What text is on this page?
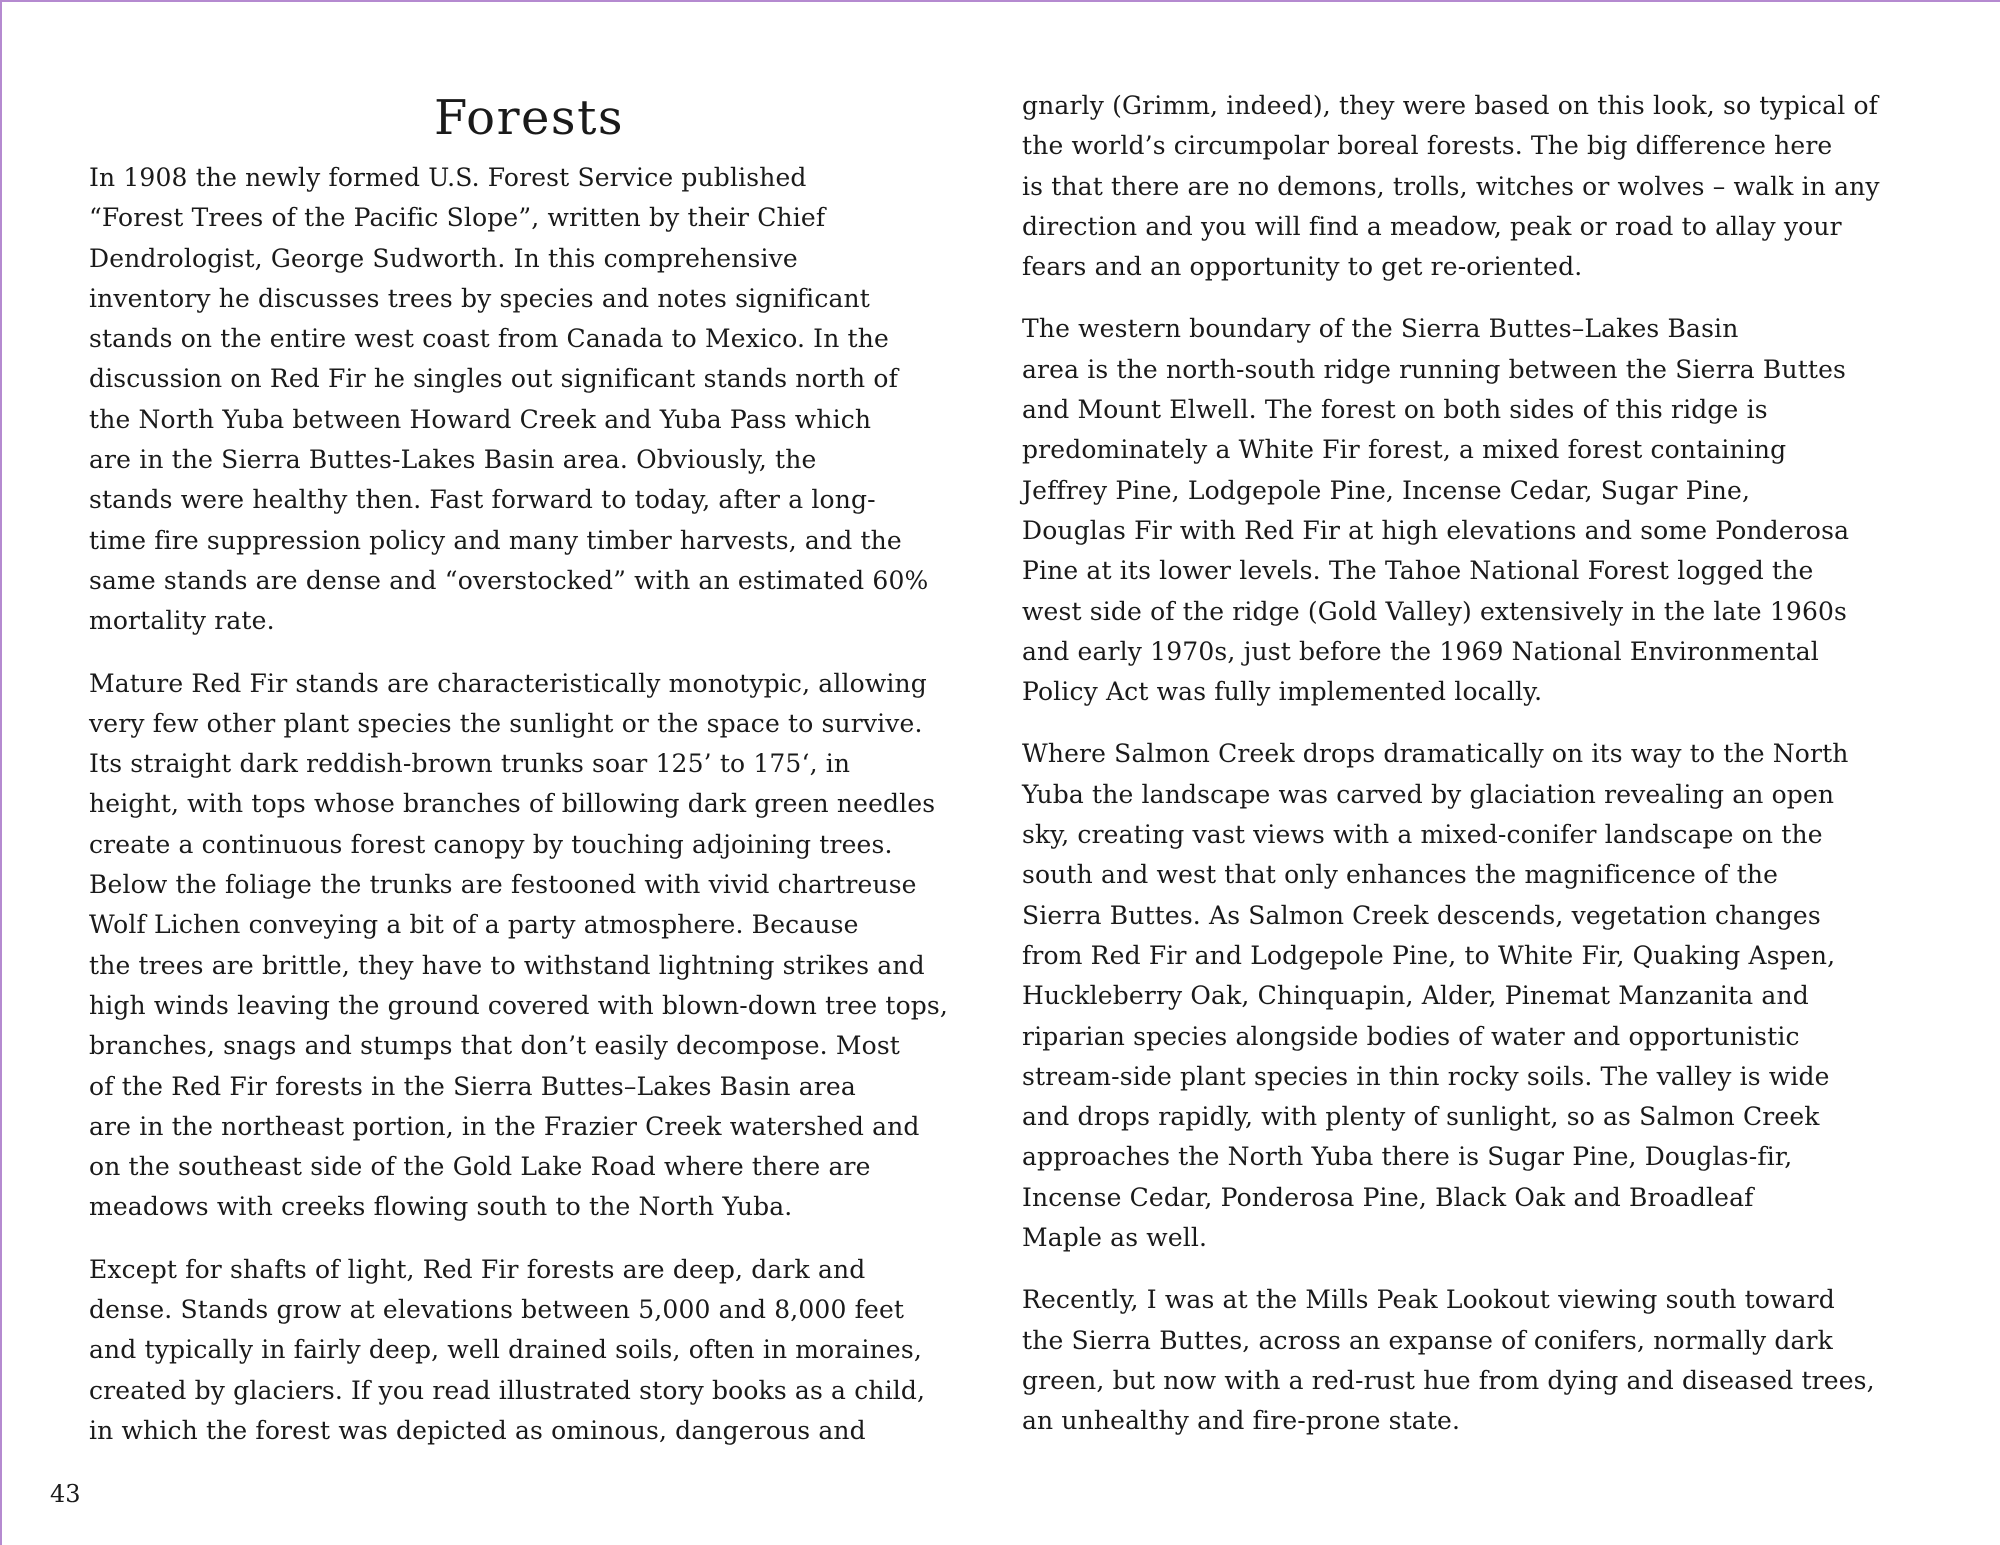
Forests

In 1908 the newly formed U.S. Forest Service published
“Forest Trees of the Pacific Slope”, written by their Chief
Dendrologist, George Sudworth. In this comprehensive
inventory he discusses trees by species and notes significant
stands on the entire west coast from Canada to Mexico. In the
discussion on Red Fir he singles out significant stands north of
the North Yuba between Howard Creek and Yuba Pass which
are in the Sierra Buttes-Lakes Basin area. Obviously, the
stands were healthy then. Fast forward to today, after a long-
time fire suppression policy and many timber harvests, and the
same stands are dense and “overstocked” with an estimated 60%
mortality rate.

Mature Red Fir stands are characteristically monotypic, allowing
very few other plant species the sunlight or the space to survive.
Its straight dark reddish-brown trunks soar 125’ to 175‘, in
height, with tops whose branches of billowing dark green needles
create a continuous forest canopy by touching adjoining trees.
Below the foliage the trunks are festooned with vivid chartreuse
Wolf Lichen conveying a bit of a party atmosphere. Because
the trees are brittle, they have to withstand lightning strikes and
high winds leaving the ground covered with blown-down tree tops,
branches, snags and stumps that don’t easily decompose. Most
of the Red Fir forests in the Sierra Buttes–Lakes Basin area
are in the northeast portion, in the Frazier Creek watershed and
on the southeast side of the Gold Lake Road where there are
meadows with creeks flowing south to the North Yuba.

Except for shafts of light, Red Fir forests are deep, dark and
dense. Stands grow at elevations between 5,000 and 8,000 feet
and typically in fairly deep, well drained soils, often in moraines,
created by glaciers. If you read illustrated story books as a child,
in which the forest was depicted as ominous, dangerous and

gnarly (Grimm, indeed), they were based on this look, so typical of
the world’s circumpolar boreal forests. The big difference here
is that there are no demons, trolls, witches or wolves – walk in any
direction and you will find a meadow, peak or road to allay your
fears and an opportunity to get re-oriented.

The western boundary of the Sierra Buttes–Lakes Basin
area is the north-south ridge running between the Sierra Buttes
and Mount Elwell. The forest on both sides of this ridge is
predominately a White Fir forest, a mixed forest containing
Jeffrey Pine, Lodgepole Pine, Incense Cedar, Sugar Pine,
Douglas Fir with Red Fir at high elevations and some Ponderosa
Pine at its lower levels. The Tahoe National Forest logged the
west side of the ridge (Gold Valley) extensively in the late 1960s
and early 1970s, just before the 1969 National Environmental
Policy Act was fully implemented locally.

Where Salmon Creek drops dramatically on its way to the North
Yuba the landscape was carved by glaciation revealing an open
sky, creating vast views with a mixed-conifer landscape on the
south and west that only enhances the magnificence of the
Sierra Buttes. As Salmon Creek descends, vegetation changes
from Red Fir and Lodgepole Pine, to White Fir, Quaking Aspen,
Huckleberry Oak, Chinquapin, Alder, Pinemat Manzanita and
riparian species alongside bodies of water and opportunistic
stream-side plant species in thin rocky soils. The valley is wide
and drops rapidly, with plenty of sunlight, so as Salmon Creek
approaches the North Yuba there is Sugar Pine, Douglas-fir,
Incense Cedar, Ponderosa Pine, Black Oak and Broadleaf
Maple as well.

Recently, I was at the Mills Peak Lookout viewing south toward
the Sierra Buttes, across an expanse of conifers, normally dark
green, but now with a red-rust hue from dying and diseased trees,
an unhealthy and fire-prone state.

43
